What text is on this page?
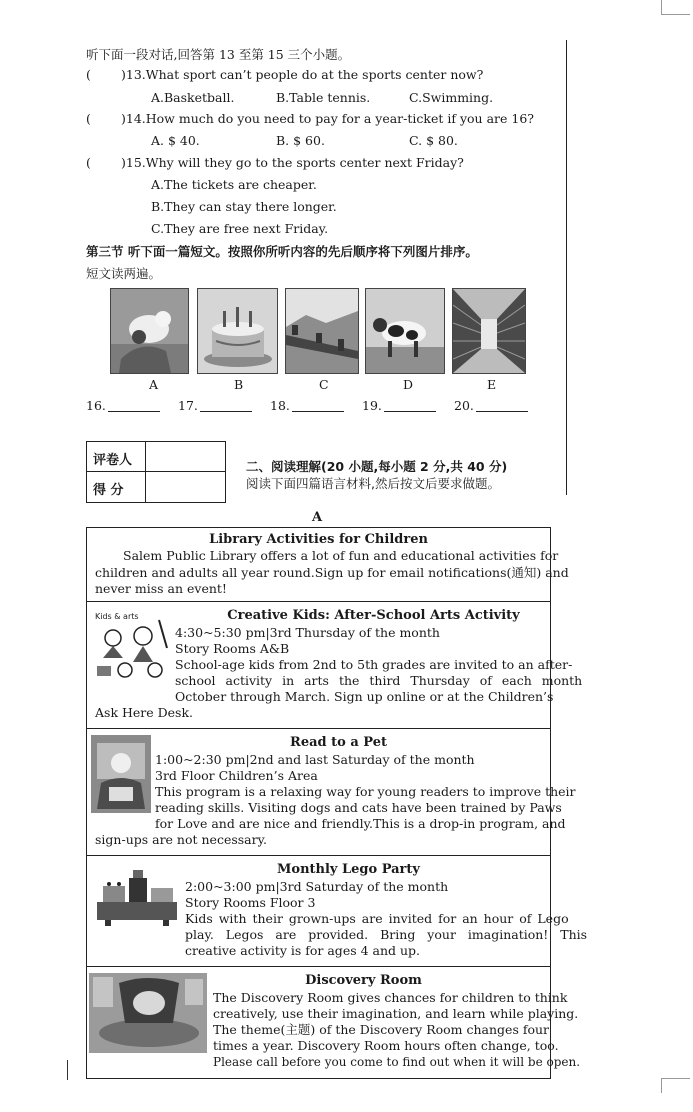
听下面一段对话,回答第 13 至第 15 三个小题。
( )13.What sport can’t people do at the sports center now?
A.Basketball.	B.Table tennis.	C.Swimming.
( )14.How much do you need to pay for a year-ticket if you are 16?
A. $ 40.	B. $ 60.	C. $ 80.
( )15.Why will they go to the sports center next Friday?
A.The tickets are cheaper.
B.They can stay there longer.
C.They are free next Friday.
第三节 听下面一篇短文。按照你所听内容的先后顺序将下列图片排序。
短文读两遍。
A	B	C	D	E
16.	17.	18.	19.	20.
评卷人
得 分
二、阅读理解(20 小题,每小题 2 分,共 40 分)
阅读下面四篇语言材料,然后按文后要求做题。
A
Library Activities for Children
Salem Public Library offers a lot of fun and educational activities for
children and adults all year round.Sign up for email notifications(通知) and
never miss an event!
Kids & arts	Creative Kids: After-School Arts Activity
4:30~5:30 pm|3rd Thursday of the month
Story Rooms A&B
School-age kids from 2nd to 5th grades are invited to an after-
school activity in arts the third Thursday of each month
October through March. Sign up online or at the Children’s
Ask Here Desk.
Read to a Pet
1:00~2:30 pm|2nd and last Saturday of the month
3rd Floor Children’s Area
This program is a relaxing way for young readers to improve their
reading skills. Visiting dogs and cats have been trained by Paws
for Love and are nice and friendly.This is a drop-in program, and
sign-ups are not necessary.
Monthly Lego Party
2:00~3:00 pm|3rd Saturday of the month
Story Rooms Floor 3
Kids with their grown-ups are invited for an hour of Lego
play. Legos are provided. Bring your imagination! This
creative activity is for ages 4 and up.
Discovery Room
The Discovery Room gives chances for children to think
creatively, use their imagination, and learn while playing.
The theme(主题) of the Discovery Room changes four
times a year. Discovery Room hours often change, too.
Please call before you come to find out when it will be open.
